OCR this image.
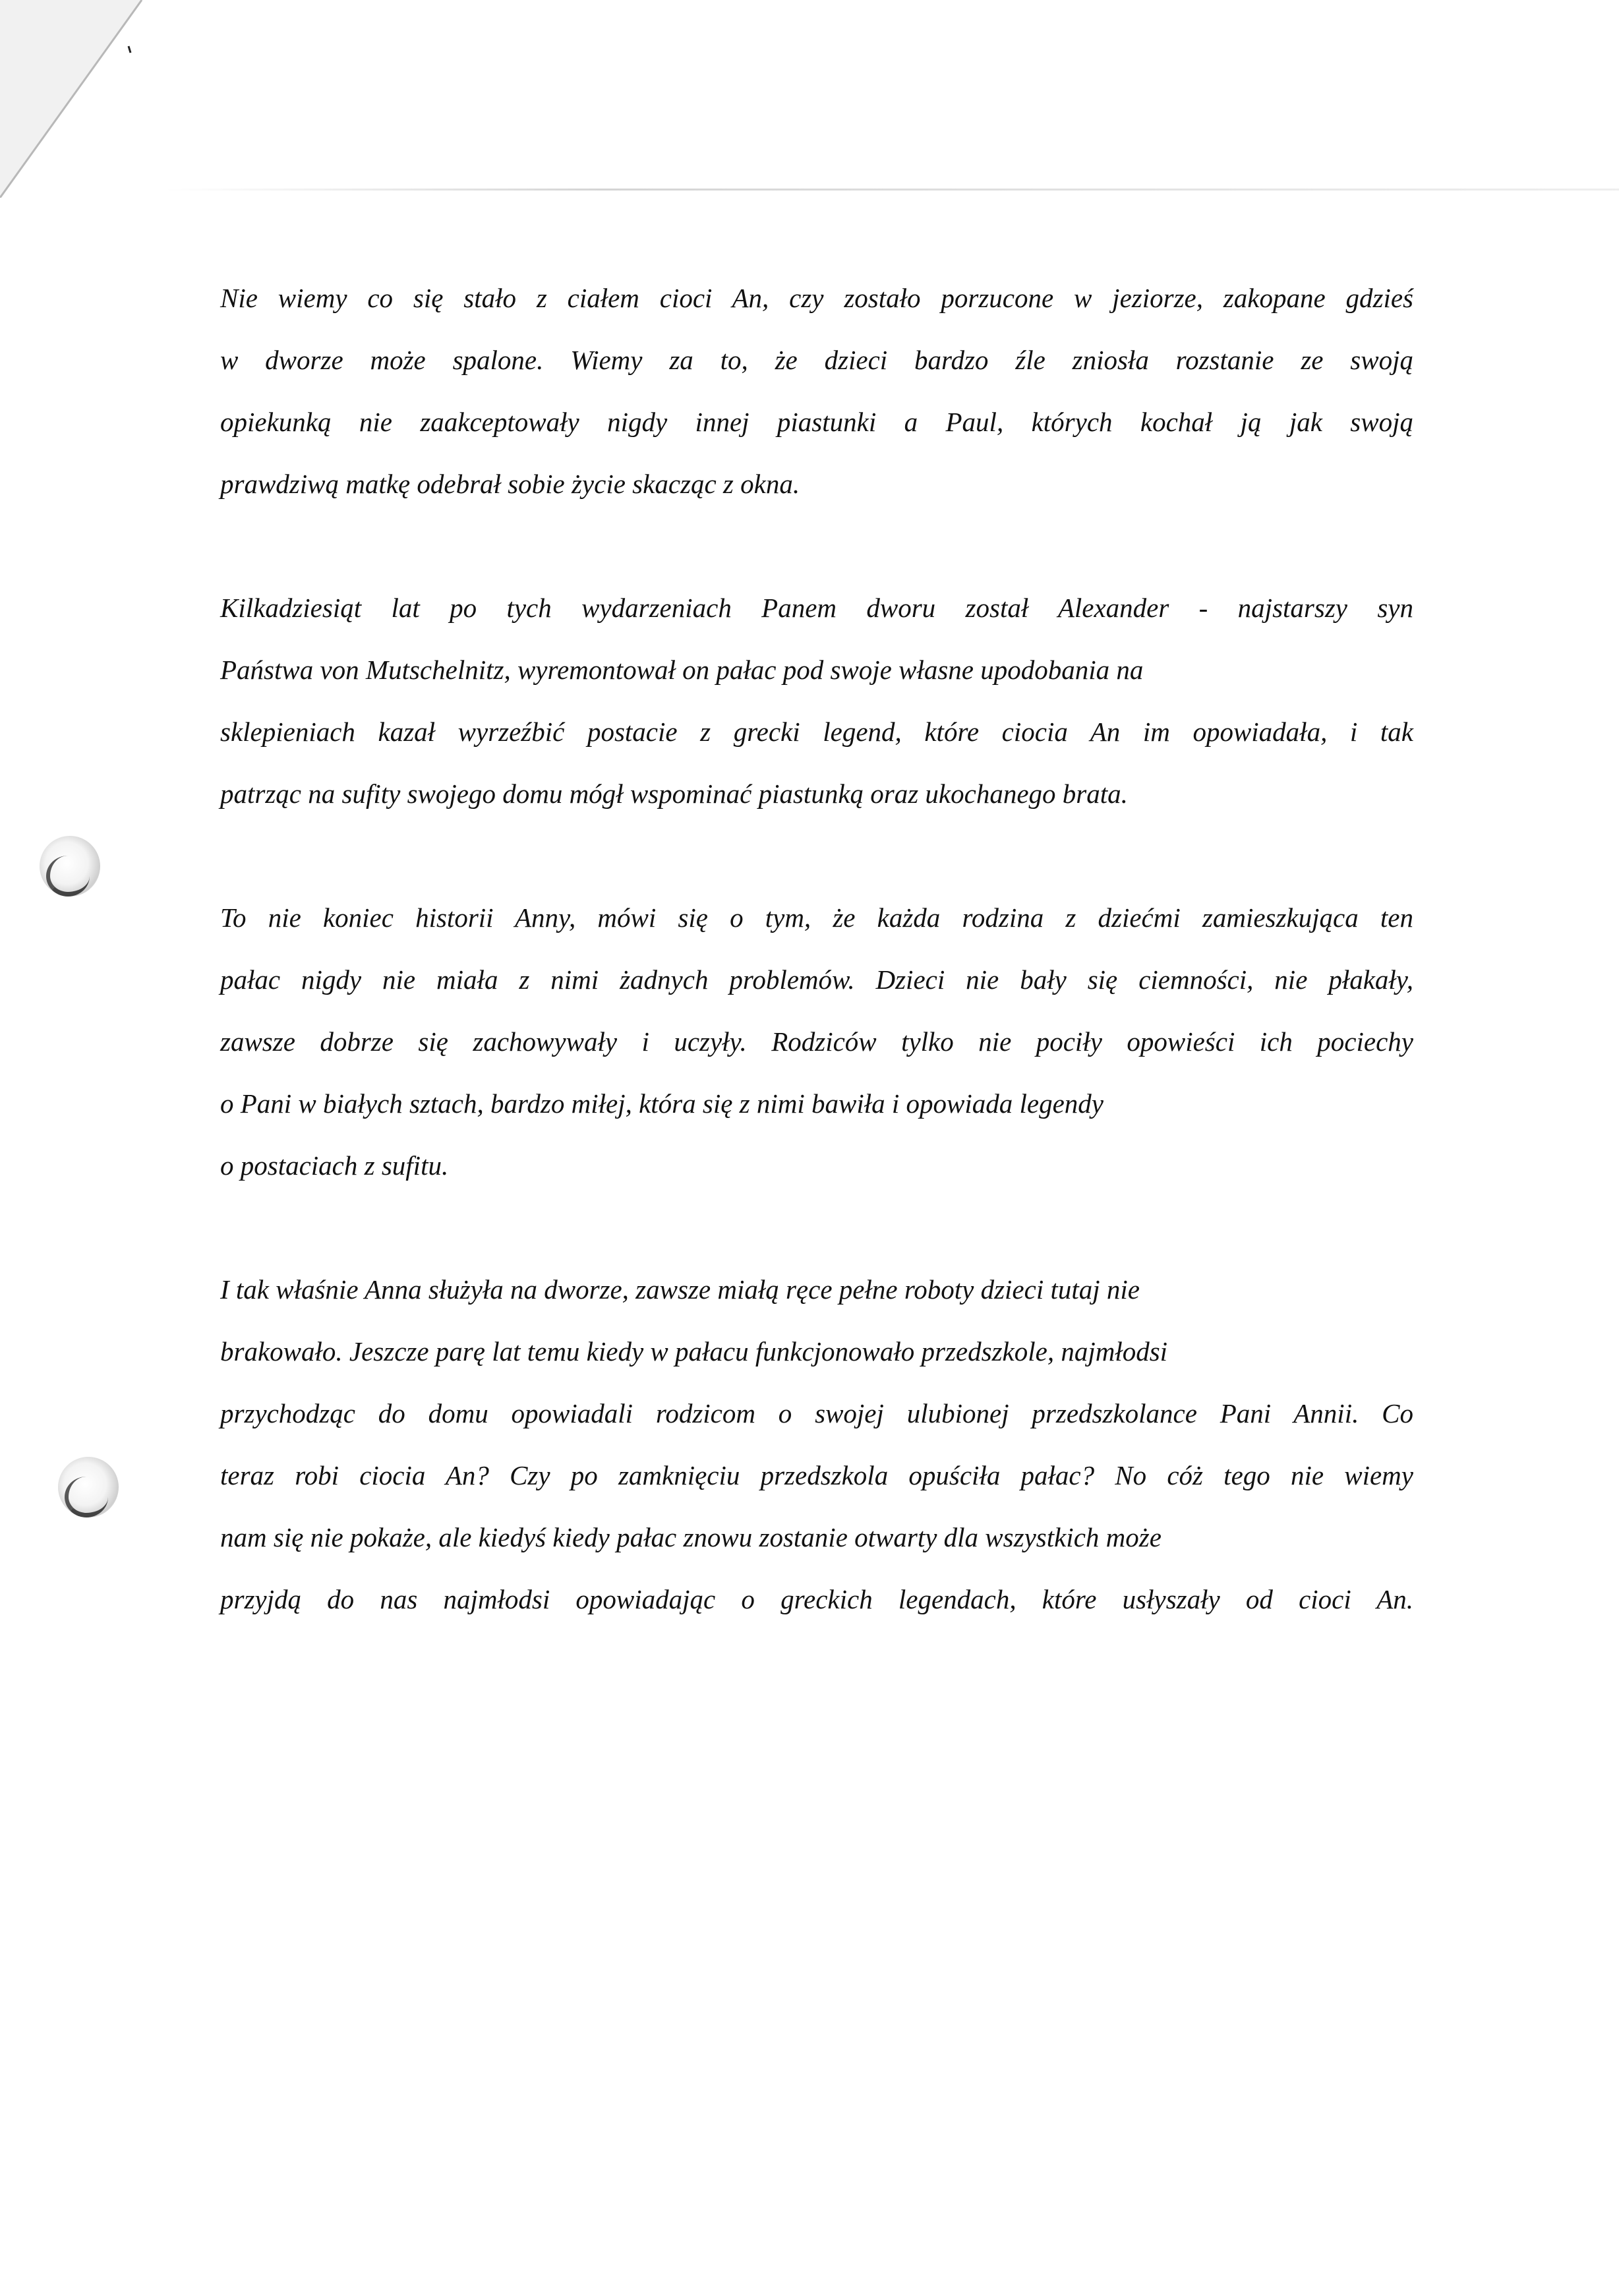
Nie wiemy co się stało z ciałem cioci An, czy zostało porzucone w jeziorze, zakopane gdzieś
w dworze może spalone. Wiemy za to, że dzieci bardzo źle zniosła rozstanie ze swoją
opiekunką nie zaakceptowały nigdy innej piastunki a Paul, których kochał ją jak swoją
prawdziwą matkę odebrał sobie życie skacząc z okna.
Kilkadziesiąt lat po tych wydarzeniach Panem dworu został Alexander - najstarszy syn
Państwa von Mutschelnitz, wyremontował on pałac pod swoje własne upodobania na
sklepieniach kazał wyrzeźbić postacie z grecki legend, które ciocia An im opowiadała, i tak
patrząc na sufity swojego domu mógł wspominać piastunką oraz ukochanego brata.
To nie koniec historii Anny, mówi się o tym, że każda rodzina z dziećmi zamieszkująca ten
pałac nigdy nie miała z nimi żadnych problemów. Dzieci nie bały się ciemności, nie płakały,
zawsze dobrze się zachowywały i uczyły. Rodziców tylko nie pociły opowieści ich pociechy
o Pani w białych sztach, bardzo miłej, która się z nimi bawiła i opowiada legendy
o postaciach z sufitu.
I tak właśnie Anna służyła na dworze, zawsze miałą ręce pełne roboty dzieci tutaj nie
brakowało. Jeszcze parę lat temu kiedy w pałacu funkcjonowało przedszkole, najmłodsi
przychodząc do domu opowiadali rodzicom o swojej ulubionej przedszkolance Pani Annii. Co
teraz robi ciocia An? Czy po zamknięciu przedszkola opuściła pałac? No cóż tego nie wiemy
nam się nie pokaże, ale kiedyś kiedy pałac znowu zostanie otwarty dla wszystkich może
przyjdą do nas najmłodsi opowiadając o greckich legendach, które usłyszały od cioci An.
